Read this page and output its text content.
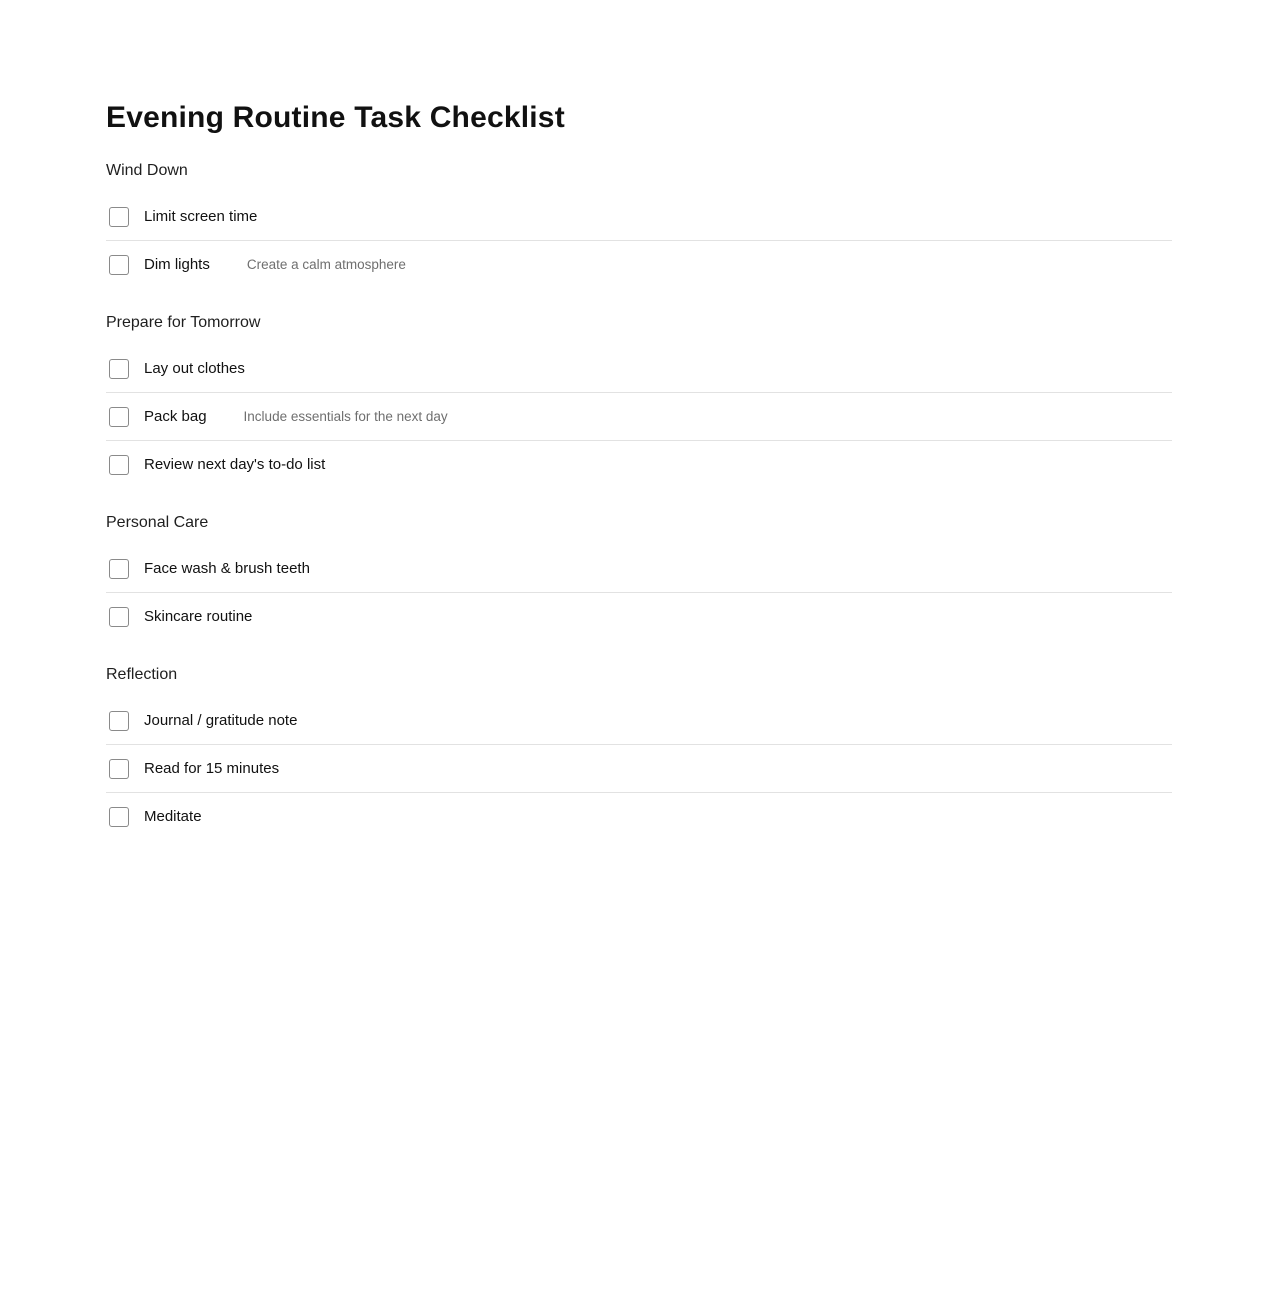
Evening Routine Task Checklist
Wind Down
Limit screen time
Dim lights	Create a calm atmosphere
Prepare for Tomorrow
Lay out clothes
Pack bag	Include essentials for the next day
Review next day's to-do list
Personal Care
Face wash & brush teeth
Skincare routine
Reflection
Journal / gratitude note
Read for 15 minutes
Meditate
